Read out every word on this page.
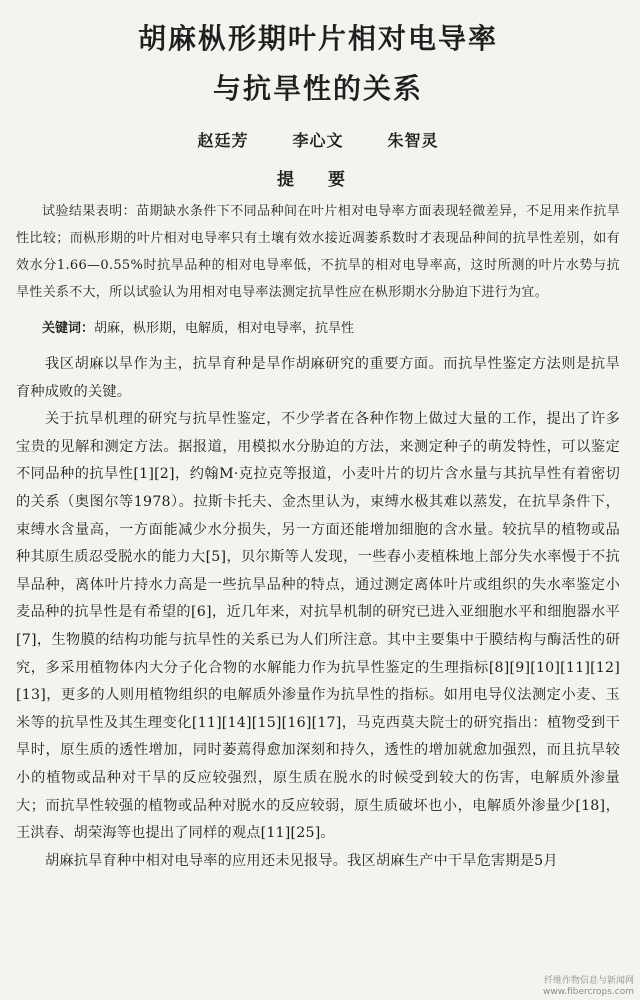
胡麻枞形期叶片相对电导率
与抗旱性的关系
赵廷芳	李心文	朱智灵
提 要

试验结果表明：苗期缺水条件下不同品种间在叶片相对电导率方面表现轻微差异，不足用来作抗旱性比较；而枞形期的叶片相对电导率只有土壤有效水接近凋萎系数时才表现品种间的抗旱性差别，如有效水分1.66—0.55%时抗旱品种的相对电导率低，不抗旱的相对电导率高，这时所测的叶片水势与抗旱性关系不大，所以试验认为用相对电导率法测定抗旱性应在枞形期水分胁迫下进行为宜。

关键词：胡麻，枞形期，电解质，相对电导率，抗旱性

我区胡麻以旱作为主，抗旱育种是旱作胡麻研究的重要方面。而抗旱性鉴定方法则是抗旱育种成败的关键。

关于抗旱机理的研究与抗旱性鉴定，不少学者在各种作物上做过大量的工作，提出了许多宝贵的见解和测定方法。据报道，用模拟水分胁迫的方法，来测定种子的萌发特性，可以鉴定不同品种的抗旱性[1][2]，约翰M·克拉克等报道，小麦叶片的切片含水量与其抗旱性有着密切的关系（奥图尔等1978）。拉斯卡托夫、金杰里认为，束缚水极其难以蒸发，在抗旱条件下，束缚水含量高，一方面能减少水分损失，另一方面还能增加细胞的含水量。较抗旱的植物或品种其原生质忍受脱水的能力大[5]，贝尔斯等人发现，一些春小麦植株地上部分失水率慢于不抗旱品种，离体叶片持水力高是一些抗旱品种的特点，通过测定离体叶片或组织的失水率鉴定小麦品种的抗旱性是有希望的[6]，近几年来，对抗旱机制的研究已进入亚细胞水平和细胞器水平[7]，生物膜的结构功能与抗旱性的关系已为人们所注意。其中主要集中于膜结构与酶活性的研究，多采用植物体内大分子化合物的水解能力作为抗旱性鉴定的生理指标[8][9][10][11][12][13]，更多的人则用植物组织的电解质外渗量作为抗旱性的指标。如用电导仪法测定小麦、玉米等的抗旱性及其生理变化[11][14][15][16][17]，马克西莫夫院士的研究指出：植物受到干旱时，原生质的透性增加，同时萎蔫得愈加深刻和持久，透性的增加就愈加强烈，而且抗旱较小的植物或品种对干旱的反应较强烈，原生质在脱水的时候受到较大的伤害，电解质外渗量大；而抗旱性较强的植物或品种对脱水的反应较弱，原生质破坏也小，电解质外渗量少[18]，王洪春、胡荣海等也提出了同样的观点[11][25]。

胡麻抗旱育种中相对电导率的应用还未见报导。我区胡麻生产中干旱危害期是5月

纤维作物信息与新闻网
www.fibercrops.com
